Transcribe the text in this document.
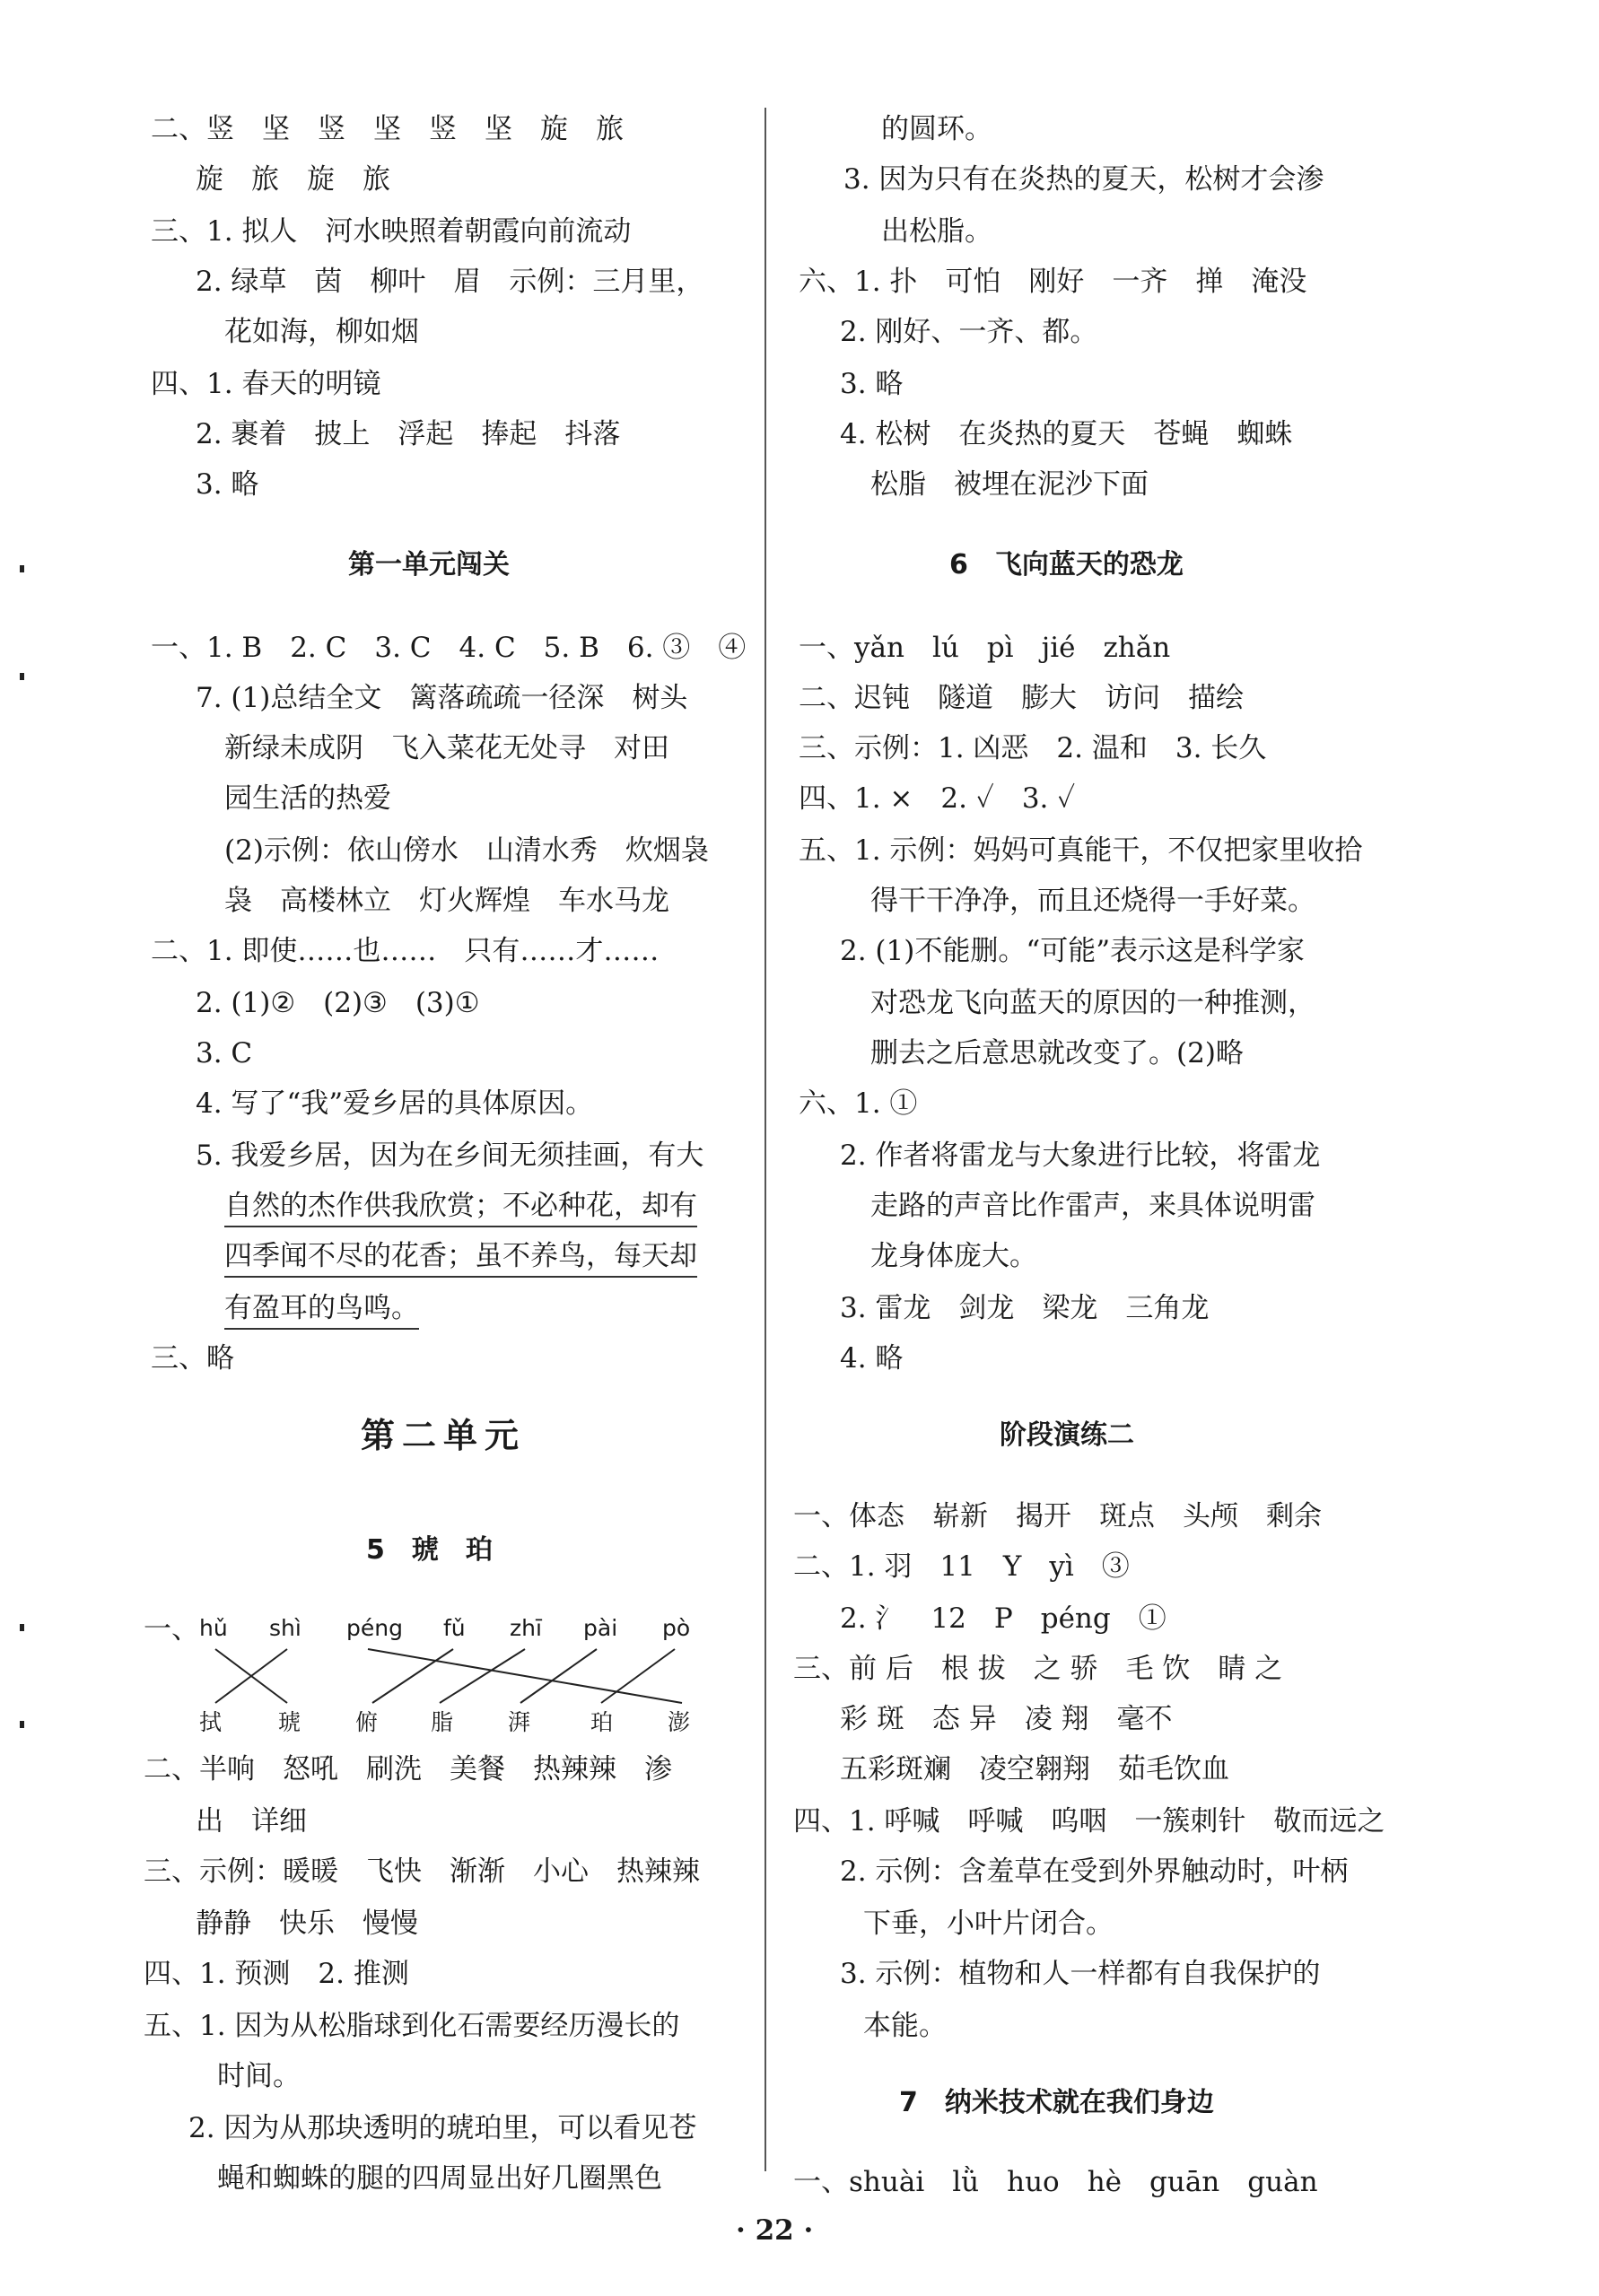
二、竖　坚　竖　坚　竖　坚　旋　旅
旋　旅　旋　旅
三、1. 拟人　河水映照着朝霞向前流动
2. 绿草　茵　柳叶　眉　示例：三月里，
花如海，柳如烟
四、1. 春天的明镜
2. 裹着　披上　浮起　捧起　抖落
3. 略
第一单元闯关
一、1. B　2. C　3. C　4. C　5. B　6. ③　④
7. (1)总结全文　篱落疏疏一径深　树头
新绿未成阴　飞入菜花无处寻　对田
园生活的热爱
(2)示例：依山傍水　山清水秀　炊烟袅
袅　高楼林立　灯火辉煌　车水马龙
二、1. 即使……也……　只有……才……
2. (1)②　(2)③　(3)①
3. C
4. 写了“我”爱乡居的具体原因。
5. 我爱乡居，因为在乡间无须挂画，有大
自然的杰作供我欣赏；不必种花，却有
四季闻不尽的花香；虽不养鸟，每天却
有盈耳的鸟鸣。
三、略
第二单元
5　琥　珀
一、 hǔ shì péng fǔ zhī pài pò
拭	琥 俯 脂 湃	珀 澎
二、半响　怒吼　刷洗　美餐　热辣辣　渗
出　详细
三、示例：暖暖　飞快　渐渐　小心　热辣辣
静静　快乐　慢慢
四、1. 预测　2. 推测
五、1. 因为从松脂球到化石需要经历漫长的
时间。
2. 因为从那块透明的琥珀里，可以看见苍
蝇和蜘蛛的腿的四周显出好几圈黑色
的圆环。
3. 因为只有在炎热的夏天，松树才会渗
出松脂。
六、1. 扑　可怕　刚好　一齐　掸　淹没
2. 刚好、一齐、都。
3. 略
4. 松树　在炎热的夏天　苍蝇　蜘蛛
松脂　被埋在泥沙下面
6　飞向蓝天的恐龙
一、yǎn　lú　pì　jié　zhǎn
二、迟钝　隧道　膨大　访问　描绘
三、示例：1. 凶恶　2. 温和　3. 长久
四、1. ×　2. ✓　3. ✓
五、1. 示例：妈妈可真能干，不仅把家里收拾
得干干净净，而且还烧得一手好菜。
2. (1)不能删。“可能”表示这是科学家
对恐龙飞向蓝天的原因的一种推测，
删去之后意思就改变了。(2)略
六、1. ①
2. 作者将雷龙与大象进行比较，将雷龙
走路的声音比作雷声，来具体说明雷
龙身体庞大。
3. 雷龙　剑龙　梁龙　三角龙
4. 略
阶段演练二
一、体态　崭新　揭开　斑点　头颅　剩余
二、1. 羽　11　Y　yì　③
2. 氵　12　P　péng　①
三、前 后　根 拔　之 骄　毛 饮　睛 之
彩 斑　态 异　凌 翔　毫不
五彩斑斓　凌空翱翔　茹毛饮血
四、1. 呼喊　呼喊　呜咽　一簇刺针　敬而远之
2. 示例：含羞草在受到外界触动时，叶柄
下垂，小叶片闭合。
3. 示例：植物和人一样都有自我保护的
本能。
7　纳米技术就在我们身边
一、shuài　lǜ　huo　hè　guān　guàn
· 22 ·
